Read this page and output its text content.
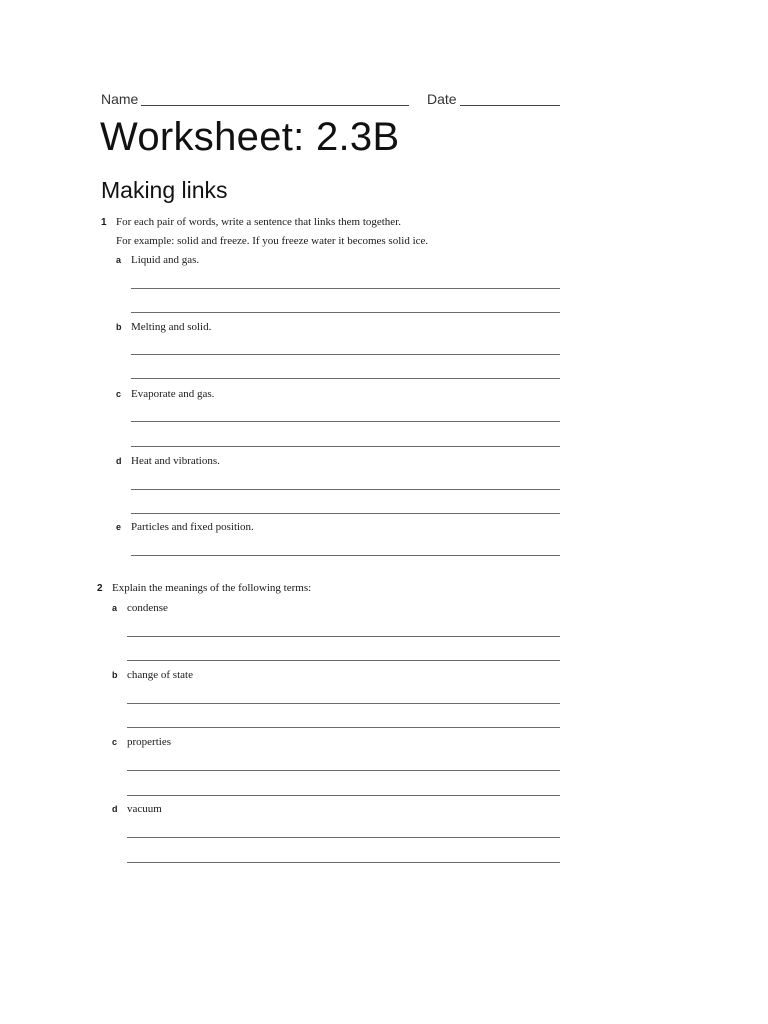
Name	Date
Worksheet: 2.3B
Making links
1 For each pair of words, write a sentence that links them together.
For example: solid and freeze. If you freeze water it becomes solid ice.
a Liquid and gas.
b Melting and solid.
c Evaporate and gas.
d Heat and vibrations.
e Particles and fixed position.
2 Explain the meanings of the following terms:
a condense
b change of state
c properties
d vacuum
